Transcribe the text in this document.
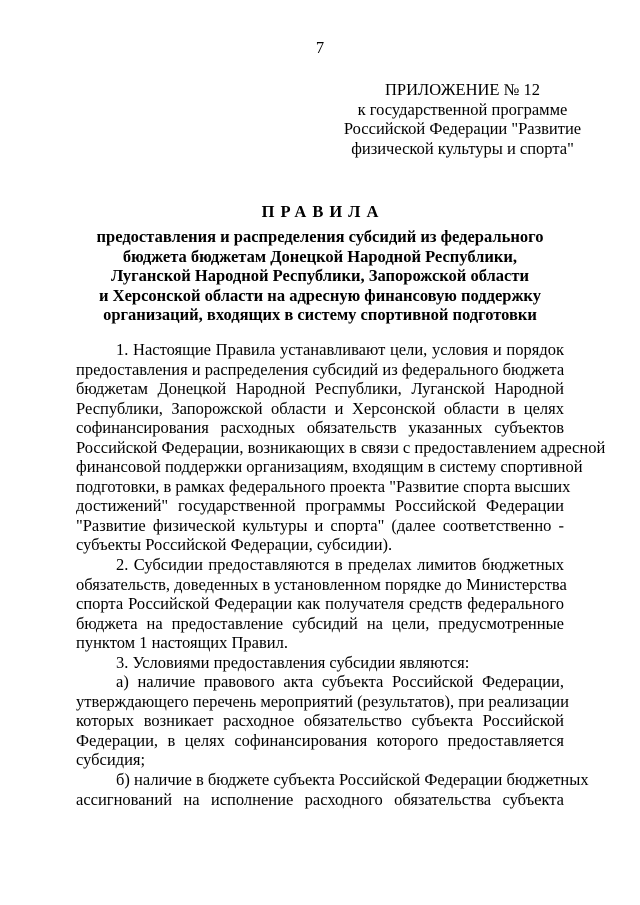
7
ПРИЛОЖЕНИЕ № 12
к государственной программе
Российской Федерации "Развитие
физической культуры и спорта"
ПРАВИЛА
предоставления и распределения субсидий из федерального
бюджета бюджетам Донецкой Народной Республики,
Луганской Народной Республики, Запорожской области
и Херсонской области на адресную финансовую поддержку
организаций, входящих в систему спортивной подготовки
1. Настоящие Правила устанавливают цели, условия и порядок
предоставления и распределения субсидий из федерального бюджета
бюджетам Донецкой Народной Республики, Луганской Народной
Республики, Запорожской области и Херсонской области в целях
софинансирования расходных обязательств указанных субъектов
Российской Федерации, возникающих в связи с предоставлением адресной
финансовой поддержки организациям, входящим в систему спортивной
подготовки, в рамках федерального проекта "Развитие спорта высших
достижений" государственной программы Российской Федерации
"Развитие физической культуры и спорта" (далее соответственно -
субъекты Российской Федерации, субсидии).
2. Субсидии предоставляются в пределах лимитов бюджетных
обязательств, доведенных в установленном порядке до Министерства
спорта Российской Федерации как получателя средств федерального
бюджета на предоставление субсидий на цели, предусмотренные
пунктом 1 настоящих Правил.
3. Условиями предоставления субсидии являются:
а) наличие правового акта субъекта Российской Федерации,
утверждающего перечень мероприятий (результатов), при реализации
которых возникает расходное обязательство субъекта Российской
Федерации, в целях софинансирования которого предоставляется
субсидия;
б) наличие в бюджете субъекта Российской Федерации бюджетных
ассигнований на исполнение расходного обязательства субъекта
